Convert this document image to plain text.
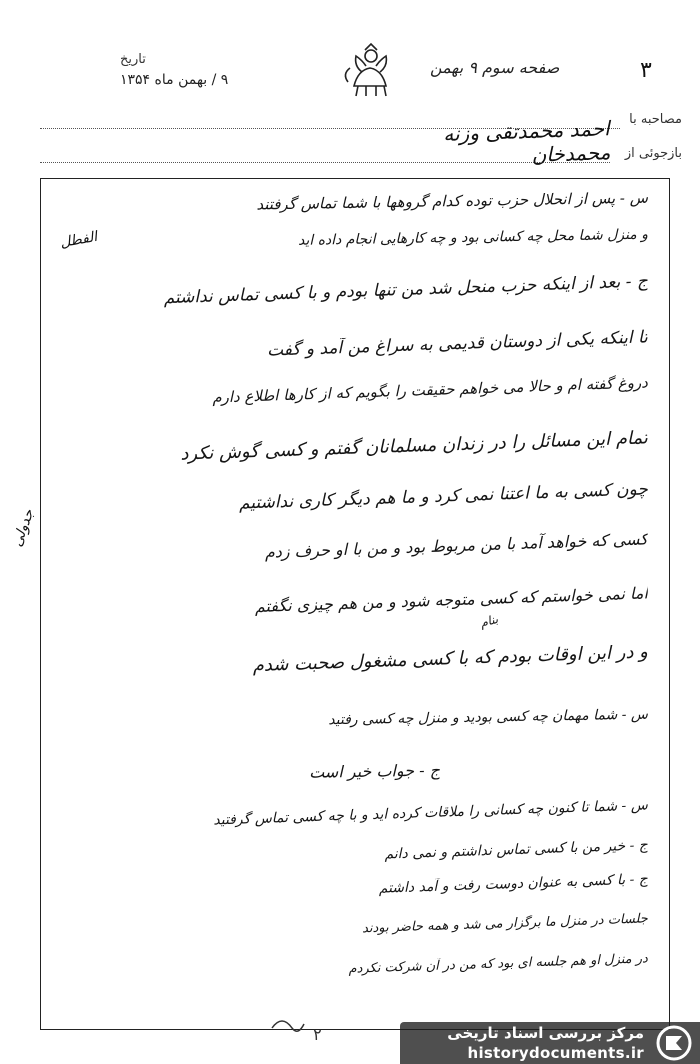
تاریخ
۹ / بهمن ماه ۱۳۵۴
صفحه سوم ۹ بهمن	۳
مصاحبه با
بازجوئی از
احمد محمدتقی وزنه محمدخان
س - پس از انحلال حزب توده کدام گروهها با شما تماس گرفتند
و منزل شما محل چه کسانی بود و چه کارهایی انجام داده اید
ج - بعد از اینکه حزب منحل شد من تنها بودم و با کسی تماس نداشتم
تا اینکه یکی از دوستان قدیمی به سراغ من آمد و گفت
دروغ گفته ام و حالا می خواهم حقیقت را بگویم که از کارها اطلاع دارم
تمام این مسائل را در زندان مسلمانان گفتم و کسی گوش نکرد
چون کسی به ما اعتنا نمی کرد و ما هم دیگر کاری نداشتیم
کسی که خواهد آمد با من مربوط بود و من با او حرف زدم
اما نمی خواستم که کسی متوجه شود و من هم چیزی نگفتم
و در این اوقات بودم که با کسی مشغول صحبت شدم
س - شما مهمان چه کسی بودید و منزل چه کسی رفتید
ج - جواب خیر است
س - شما تا کنون چه کسانی را ملاقات کرده اید و با چه کسی تماس گرفتید
ج - خیر من با کسی تماس نداشتم و نمی دانم
ج - با کسی به عنوان دوست رفت و آمد داشتم
جلسات در منزل ما برگزار می شد و همه حاضر بودند
در منزل او هم جلسه ای بود که من در آن شرکت نکردم
الفطل
جدولی
بنام
۲	مرکز بررسی اسناد تاریخی
historydocuments.ir
